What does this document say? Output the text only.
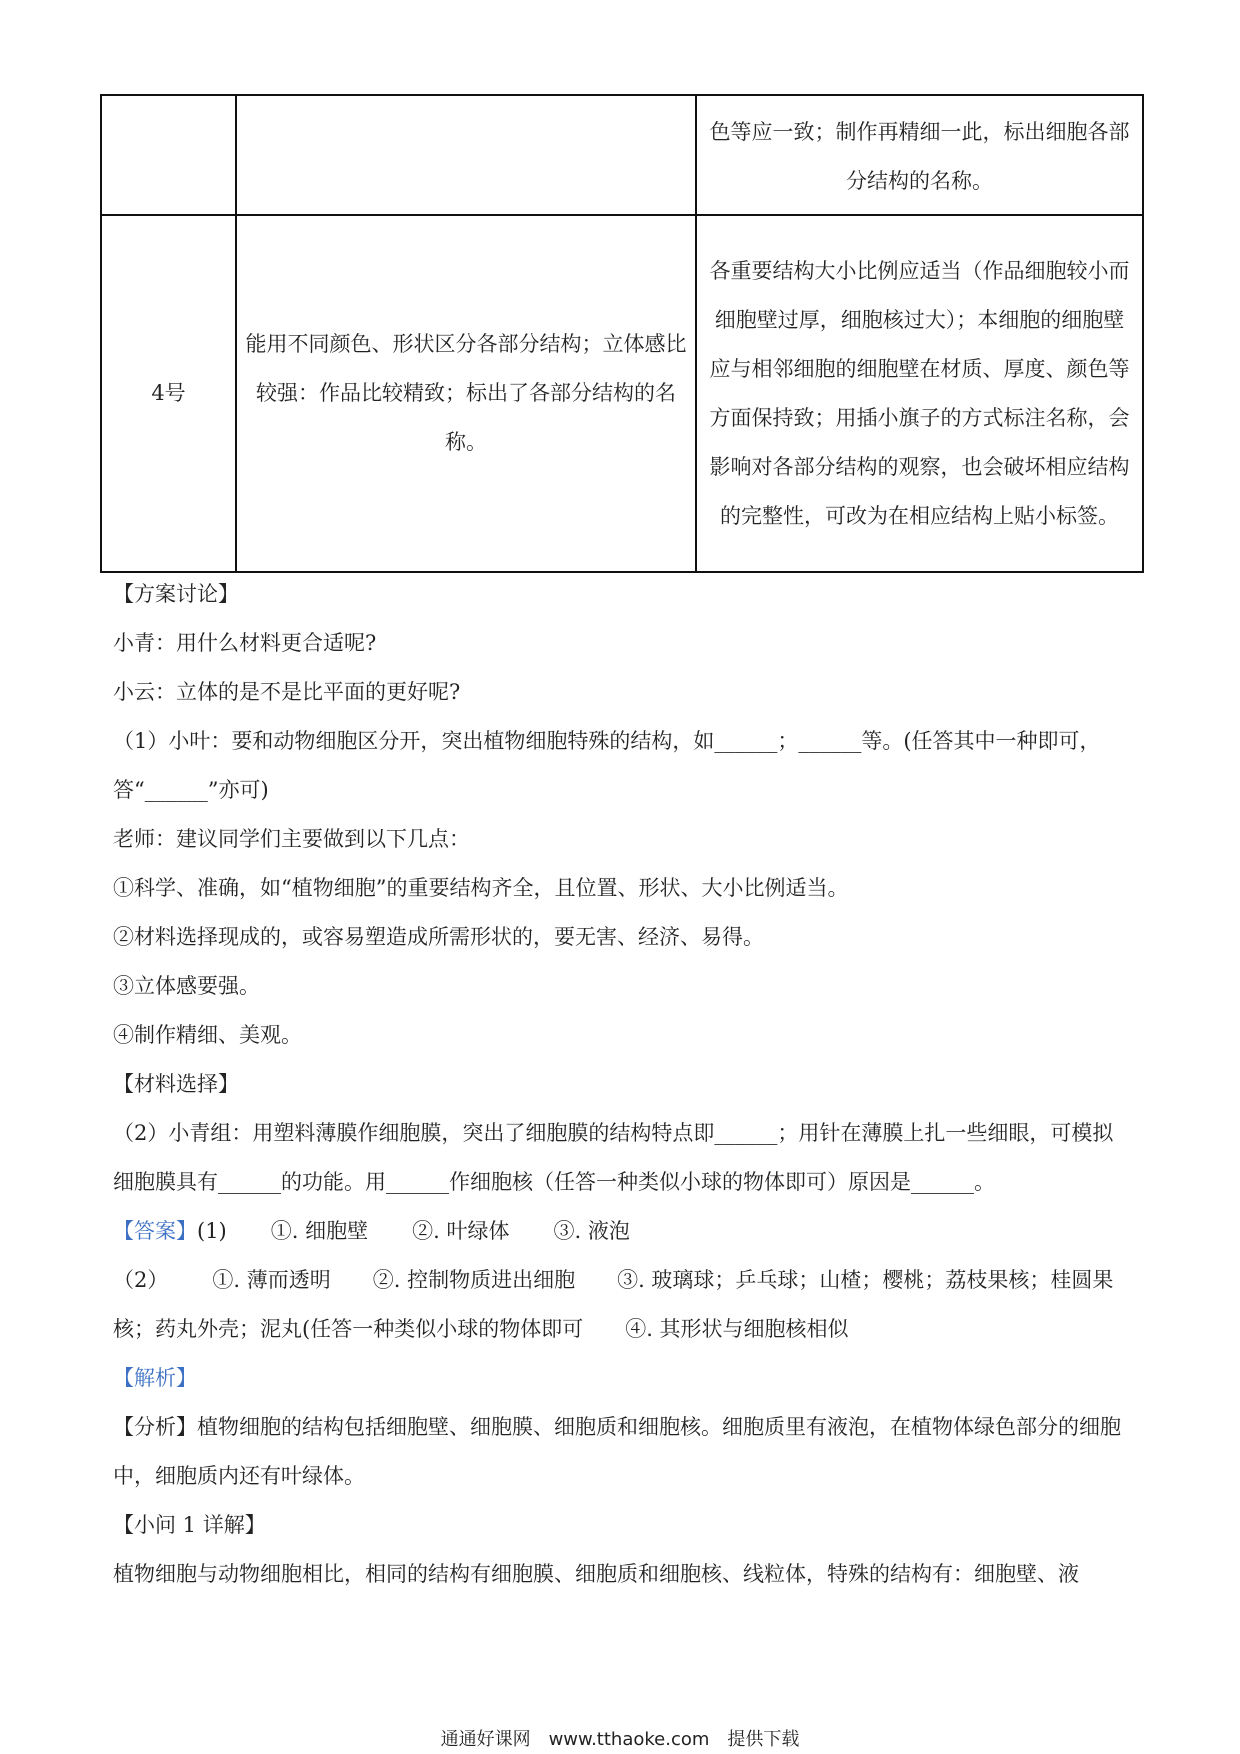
		色等应一致；制作再精细一此，标出细胞各部分结构的名称。
4号	能用不同颜色、形状区分各部分结构；立体感比较强：作品比较精致；标出了各部分结构的名称。	各重要结构大小比例应适当（作品细胞较小而细胞壁过厚，细胞核过大）；本细胞的细胞壁应与相邻细胞的细胞壁在材质、厚度、颜色等方面保持致；用插小旗子的方式标注名称，会影响对各部分结构的观察，也会破坏相应结构的完整性，可改为在相应结构上贴小标签。

【方案讨论】

小青：用什么材料更合适呢?

小云：立体的是不是比平面的更好呢?

（1）小叶：要和动物细胞区分开，突出植物细胞特殊的结构，如______；______等。(任答其中一种即可，答“______”亦可)

老师：建议同学们主要做到以下几点：

①科学、准确，如“植物细胞”的重要结构齐全，且位置、形状、大小比例适当。

②材料选择现成的，或容易塑造成所需形状的，要无害、经济、易得。

③立体感要强。

④制作精细、美观。

【材料选择】

（2）小青组：用塑料薄膜作细胞膜，突出了细胞膜的结构特点即______；用针在薄膜上扎一些细眼，可模拟细胞膜具有______的功能。用______作细胞核（任答一种类似小球的物体即可）原因是______。

【答案】(1) ①. 细胞壁 ②. 叶绿体 ③. 液泡

（2） ①. 薄而透明　　②. 控制物质进出细胞　　③. 玻璃球；乒乓球；山楂；樱桃；荔枝果核；桂圆果核；药丸外壳；泥丸(任答一种类似小球的物体即可　　④. 其形状与细胞核相似

【解析】

【分析】植物细胞的结构包括细胞壁、细胞膜、细胞质和细胞核。细胞质里有液泡，在植物体绿色部分的细胞中，细胞质内还有叶绿体。

【小问 1 详解】

植物细胞与动物细胞相比，相同的结构有细胞膜、细胞质和细胞核、线粒体，特殊的结构有：细胞壁、液

通通好课网　www.tthaoke.com　提供下载
